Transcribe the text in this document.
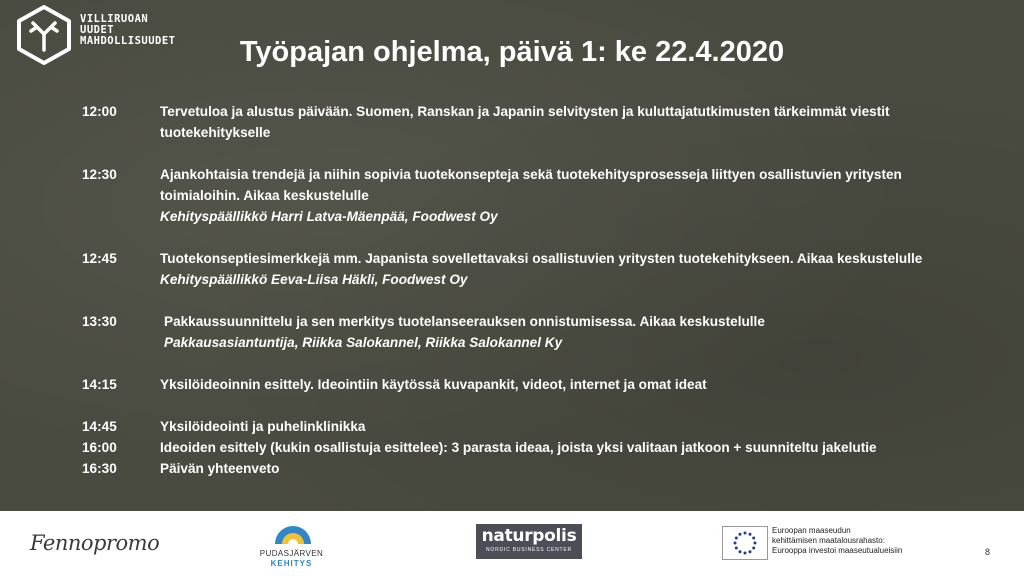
VILLIRUOAN
UUDET
MAHDOLLISUUDET	Työpajan ohjelma, päivä 1: ke 22.4.2020
12:00	Tervetuloa ja alustus päivään. Suomen, Ranskan ja Japanin selvitysten ja kuluttajatutkimusten tärkeimmät viestit
tuotekehitykselle
12:30	Ajankohtaisia trendejä ja niihin sopivia tuotekonsepteja sekä tuotekehitysprosesseja liittyen osallistuvien yritysten
toimialoihin. Aikaa keskustelulle
Kehityspäällikkö Harri Latva-Mäenpää, Foodwest Oy
12:45	Tuotekonseptiesimerkkejä mm. Japanista sovellettavaksi osallistuvien yritysten tuotekehitykseen. Aikaa keskustelulle
Kehityspäällikkö Eeva-Liisa Häkli, Foodwest Oy
13:30	Pakkaussuunnittelu ja sen merkitys tuotelanseerauksen onnistumisessa. Aikaa keskustelulle
Pakkausasiantuntija, Riikka Salokannel, Riikka Salokannel Ky
14:15	Yksilöideoinnin esittely. Ideointiin käytössä kuvapankit, videot, internet ja omat ideat
14:45	Yksilöideointi ja puhelinklinikka
16:00	Ideoiden esittely (kukin osallistuja esittelee): 3 parasta ideaa, joista yksi valitaan jatkoon + suunniteltu jakelutie
16:30	Päivän yhteenveto
Fennopromo	PUDASJÄRVEN
KEHITYS
naturpolis
NORDIC BUSINESS CENTER
Euroopan maaseudun
kehittämisen maatalousrahasto:
Eurooppa investoi maaseutualueisiin	8
